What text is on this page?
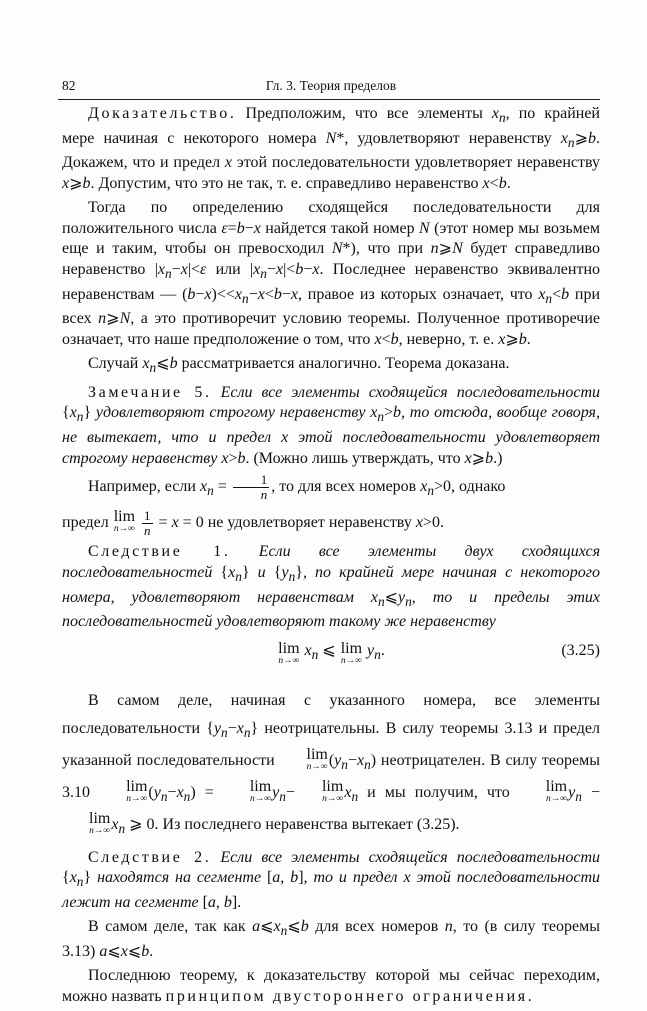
82	Гл. 3. Теория пределов

Доказательство. Предположим, что все элементы $x_n$, по крайней мере начиная с некоторого номера N*, удовлетворяют неравенству $x_n⩾b$. Докажем, что и предел x этой последовательности удовлетворяет неравенству x⩾b. Допустим, что это не так, т. е. справедливо неравенство x<b.

Тогда по определению сходящейся последовательности для положительного числа ε=b−x найдется такой номер N (этот номер мы возьмем еще и таким, чтобы он превосходил N*), что при n⩾N будет справедливо неравенство $|x_n-x|<\varepsilon$ или $|x_n-x|<b-x$. Последнее неравенство эквивалентно неравенствам — $(b-x)<<x_n-x<b-x$, правое из которых означает, что $x_n<b$ при всех n⩾N, а это противоречит условию теоремы. Полученное противоречие означает, что наше предположение о том, что x<b, неверно, т. е. x⩾b.

Случай $x_n⩽b$ рассматривается аналогично. Теорема доказана.

Замечание 5. Если все элементы сходящейся последовательности $\{x_n\}$ удовлетворяют строгому неравенству $x_n>b$, то отсюда, вообще говоря, не вытекает, что и предел x этой последовательности удовлетворяет строгому неравенству x>b. (Можно лишь утверждать, что x⩾b.)

Например, если $x_n = \frac{1}{n}$ , то для всех номеров $x_n>0$, однако

предел lim
n→∞
$\frac{1}{n} = x = 0$ не удовлетворяет неравенству x>0.

Следствие 1. Если все элементы двух сходящихся последовательностей $\{x_n\}$ и $\{y_n\}$, по крайней мере начиная с некоторого номера, удовлетворяют неравенствам $x_n⩽y_n$, то и пределы этих последовательностей удовлетворяют такому же неравенству

lim
n→∞
$x_n$ ⩽ lim
n→∞
$y_n$.	(3.25)

В самом деле, начиная с указанного номера, все элементы последовательности $\{y_n-x_n\}$ неотрицательны. В силу теоремы 3.13 и предел указанной последовательности lim
n→∞ $(y_n-x_n)$ неотрицателен. В силу теоремы 3.10 lim
n→∞ $(y_n-x_n) = \lim$
n→∞ $y_n- \lim$
n→∞ $x_n$ и мы получим, что lim
n→∞ $y_n - \lim$
n→∞ $x_n$ ⩾ 0. Из последнего неравенства вытекает (3.25).

Следствие 2. Если все элементы сходящейся последовательности $\{x_n\}$ находятся на сегменте [a, b], то и предел x этой последовательности лежит на сегменте [a, b].

В самом деле, так как $a⩽x_n⩽b$ для всех номеров n, то (в силу теоремы 3.13) a⩽x⩽b.

Последнюю теорему, к доказательству которой мы сейчас переходим, можно назвать принципом двустороннего ограничения.
